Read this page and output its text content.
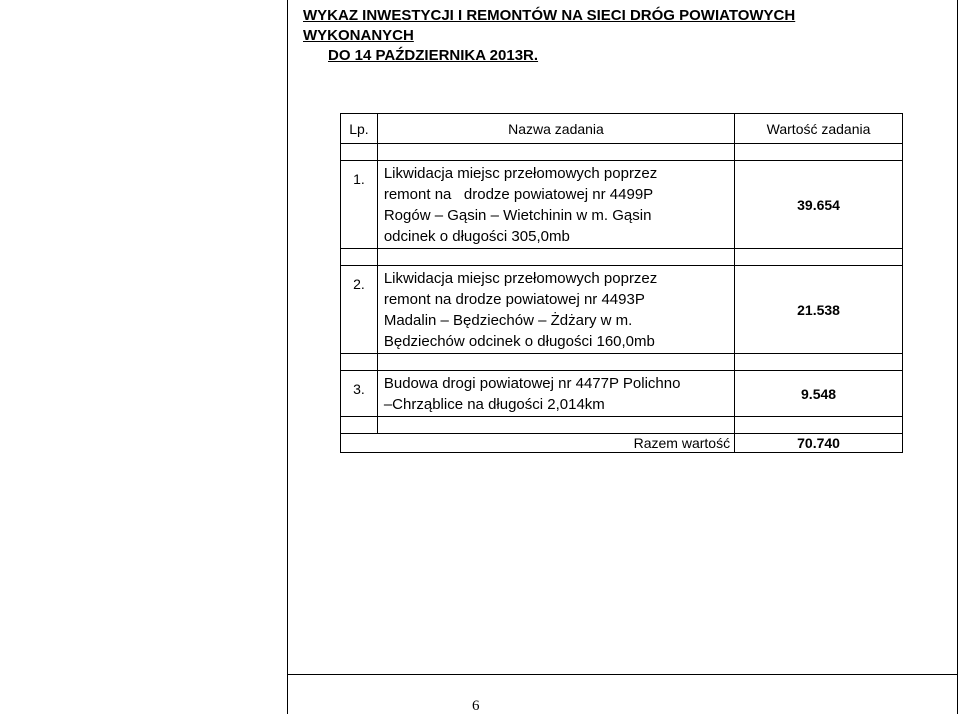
WYKAZ INWESTYCJI I REMONTÓW NA SIECI DRÓG POWIATOWYCH
WYKONANYCH
DO 14 PAŹDZIERNIKA 2013R.
Lp.	Nazwa zadania	Wartość zadania

1.	Likwidacja miejsc przełomowych poprzez
remont na   drodze powiatowej nr 4499P
Rogów – Gąsin – Wietchinin w m. Gąsin
odcinek o długości 305,0mb	39.654

2.	Likwidacja miejsc przełomowych poprzez
remont na drodze powiatowej nr 4493P
Madalin – Będziechów – Żdżary w m.
Będziechów odcinek o długości 160,0mb	21.538

3.	Budowa drogi powiatowej nr 4477P Polichno
–Chrząblice na długości 2,014km	9.548

Razem wartość		70.740
6
